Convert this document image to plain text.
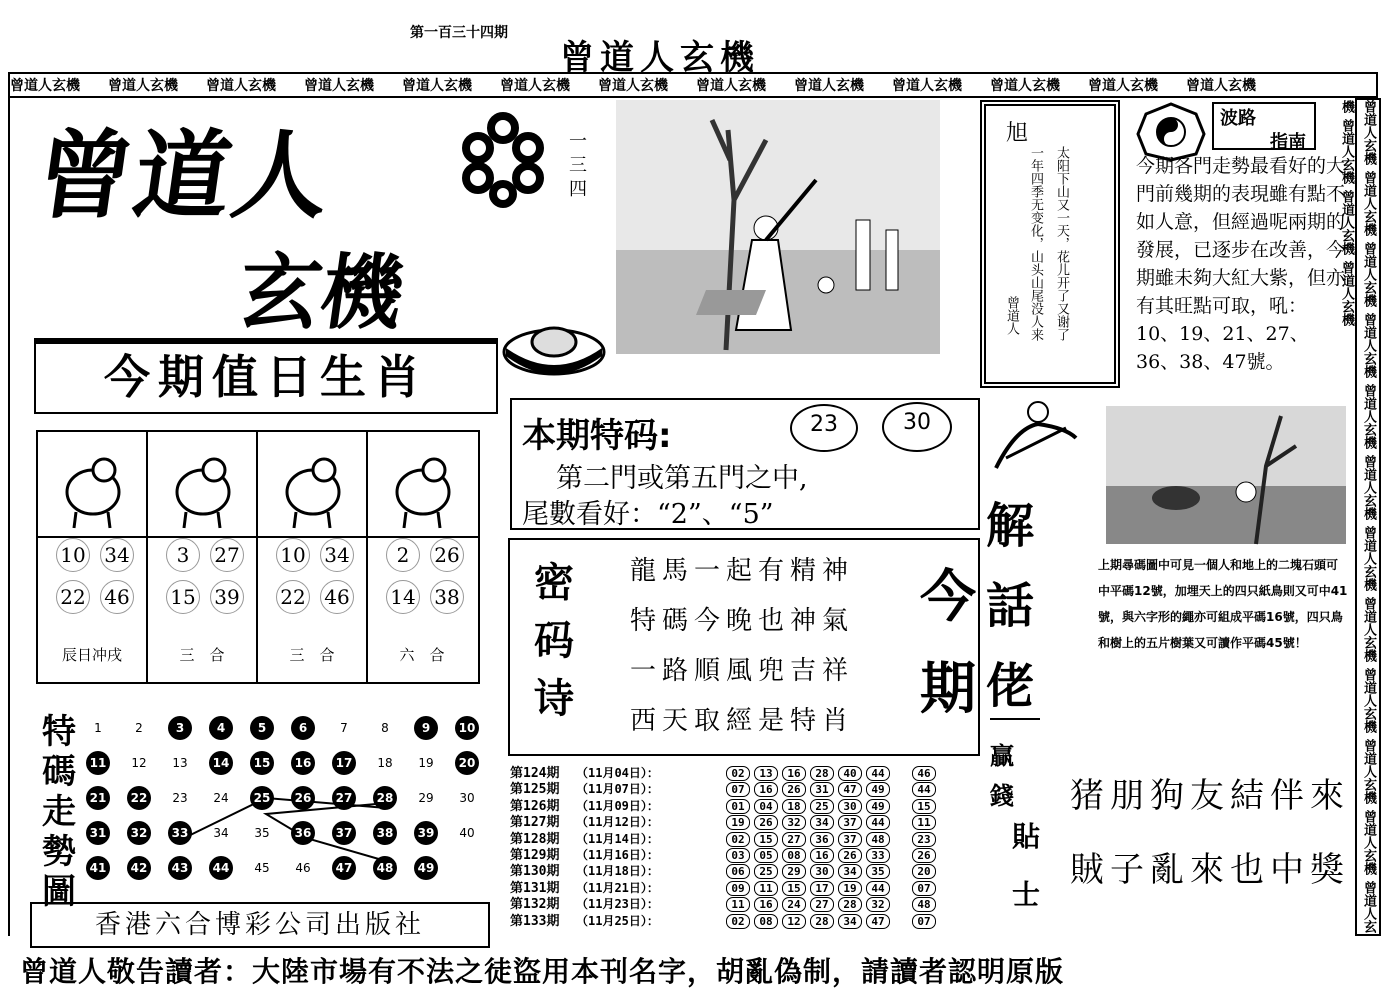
第一百三十四期
曾道人玄機
曾道人玄機 曾道人玄機 曾道人玄機 曾道人玄機 曾道人玄機 曾道人玄機 曾道人玄機 曾道人玄機 曾道人玄機 曾道人玄機 曾道人玄機 曾道人玄機 曾道人玄機
曾道人玄機曾道人玄機曾道人玄機曾道人玄機曾道人玄機曾道人玄機曾道人玄機曾道人玄機曾道人玄機曾道人玄機曾道人玄機曾道人玄機曾道人玄機曾道人玄機曾道人玄機
曾道人
玄機
一
三
四
今期值日生肖
10 34
22 46
辰日冲戌
3	27
15 39
三　合
10 34
22 46
三　合
2	26
14 38
六　合
特
碼
走
勢
圖
1	2	3	4	5	6	7	8	9	10
11	12	13	14	15	16	17	18	19	20
21	22	23	24	25	26	27	28	29	30
31	32	33	34	35	36	37	38	39	40
41	42	43	44	45	46	47	48	49
香港六合博彩公司出版社
本期特码:	23	30
第二門或第五門之中,
尾數看好：“2”、“5”
密
码
诗
龍馬一起有精神
特碼今晚也神氣
一路順風兜吉祥
西天取經是特肖
今
期
第124期 （11月04日）：	02 13 16 28 40 44	46
第125期 （11月07日）：	07 16 26 31 47 49	44
第126期 （11月09日）：	01 04 18 25 30 49	15
第127期 （11月12日）：	19 26 32 34 37 44	11
第128期 （11月14日）：	02 15 27 36 37 48	23
第129期 （11月16日）：	03 05 08 16 26 33	26
第130期 （11月18日）：	06 25 29 30 34 35	20
第131期 （11月21日）：	09 11 15 17 19 44	07
第132期 （11月23日）：	11 16 24 27 28 32	48
第133期 （11月25日）：	02 08 12 28 34 47	07
旭
太阳下山又一天，花儿开了又谢了
一年四季无变化，山头山尾没人来
曾道人
波路
指南
今期各門走勢最看好的大門前幾期的表現雖有點不如人意，但經過呢兩期的發展，已逐步在改善，今期雖未夠大紅大紫，但亦有其旺點可取，吼：10、19、21、27、36、38、47號。
解
話
佬
上期尋碼圖中可見一個人和地上的二塊石頭可中平碼12號，加埋天上的四只紙鳥則又可中41號，與六字形的繩亦可組成平碼16號，四只鳥和樹上的五片樹葉又可讀作平碼45號！
贏
錢
貼
士
猪朋狗友結伴來
賊子亂來也中獎
曾道人敬告讀者：大陸市場有不法之徒盜用本刊名字，胡亂偽制，請讀者認明原版
